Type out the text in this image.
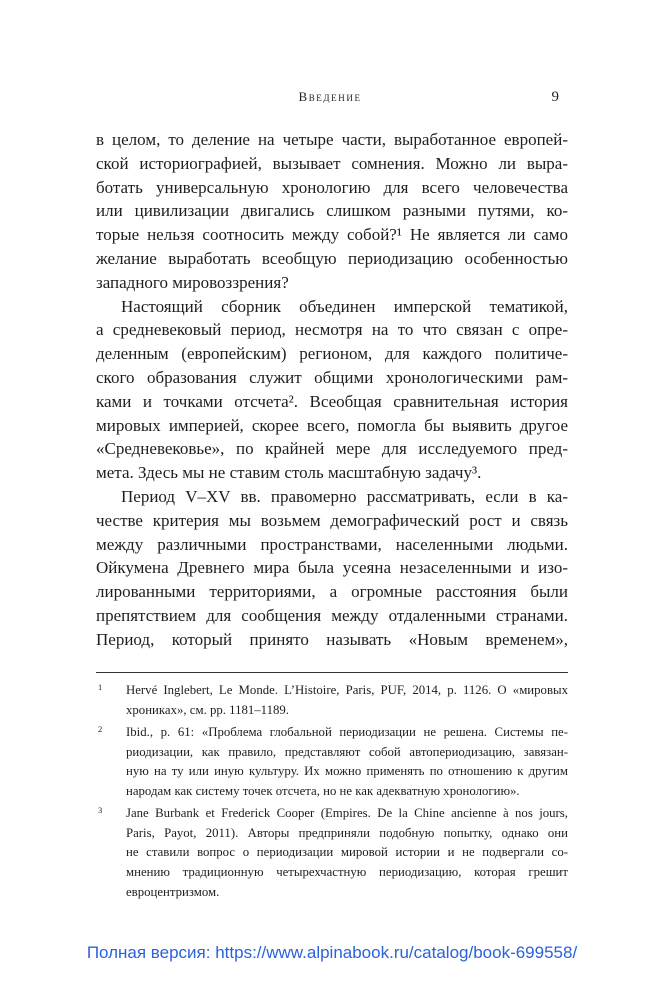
Введение	9
в целом, то деление на четыре части, выработанное европей-
ской историографией, вызывает сомнения. Можно ли выра-
ботать универсальную хронологию для всего человечества
или цивилизации двигались слишком разными путями, ко-
торые нельзя соотносить между собой?¹ Не является ли само
желание выработать всеобщую периодизацию особенностью
западного мировоззрения?
Настоящий сборник объединен имперской тематикой,
а средневековый период, несмотря на то что связан с опре-
деленным (европейским) регионом, для каждого политиче-
ского образования служит общими хронологическими рам-
ками и точками отсчета². Всеобщая сравнительная история
мировых империей, скорее всего, помогла бы выявить другое
«Средневековье», по крайней мере для исследуемого пред-
мета. Здесь мы не ставим столь масштабную задачу³.
Период V–XV вв. правомерно рассматривать, если в ка-
честве критерия мы возьмем демографический рост и связь
между различными пространствами, населенными людьми.
Ойкумена Древнего мира была усеяна незаселенными и изо-
лированными территориями, а огромные расстояния были
препятствием для сообщения между отдаленными странами.
Период, который принято называть «Новым временем»,
1 Hervé Inglebert, Le Monde. L’Histoire, Paris, PUF, 2014, p. 1126. О «мировых
хрониках», см. pp. 1181–1189.
2 Ibid., p. 61: «Проблема глобальной периодизации не решена. Системы пе-
риодизации, как правило, представляют собой автопериодизацию, завязан-
ную на ту или иную культуру. Их можно применять по отношению к другим
народам как систему точек отсчета, но не как адекватную хронологию».
3 Jane Burbank et Frederick Cooper (Empires. De la Chine ancienne à nos jours,
Paris, Payot, 2011). Авторы предприняли подобную попытку, однако они
не ставили вопрос о периодизации мировой истории и не подвергали со-
мнению традиционную четырехчастную периодизацию, которая грешит
евроцентризмом.
Полная версия: https://www.alpinabook.ru/catalog/book-699558/
